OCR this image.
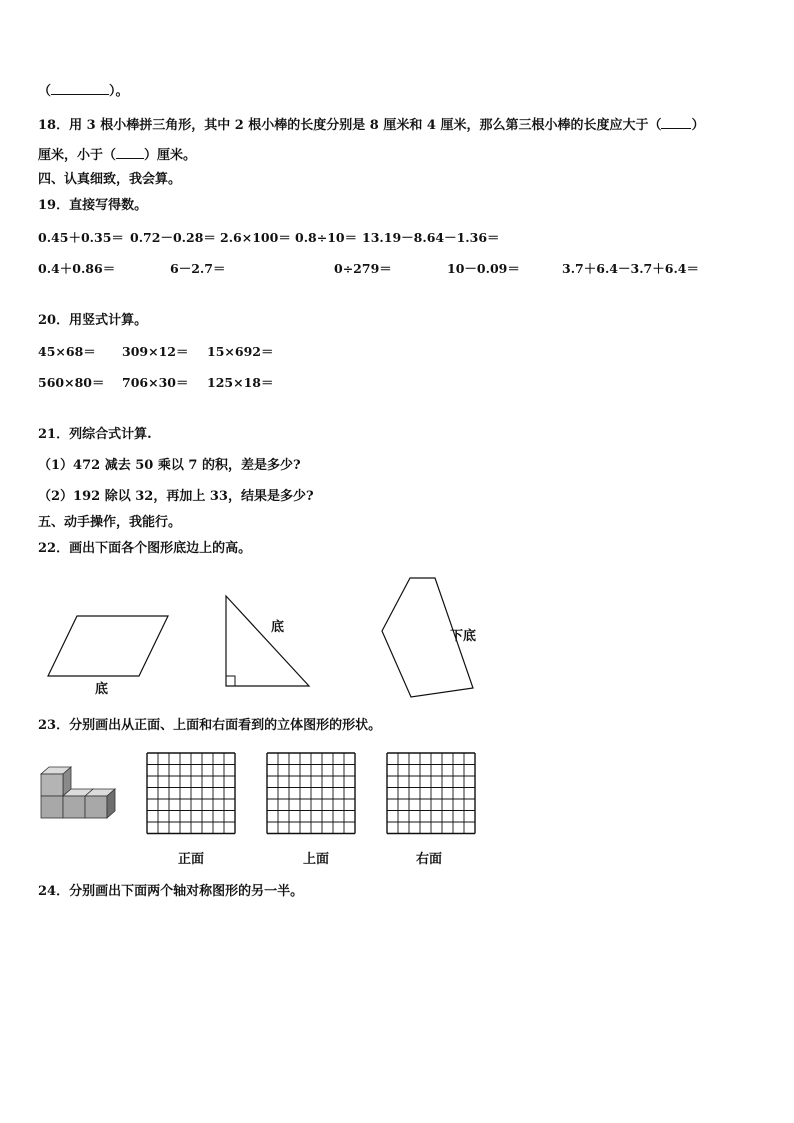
（	）。
18．用 3 根小棒拼三角形，其中 2 根小棒的长度分别是 8 厘米和 4 厘米，那么第三根小棒的长度应大于（ ）
厘米，小于（ ）厘米。
四、认真细致，我会算。
19．直接写得数。
0.45＋0.35＝ 0.72－0.28＝ 2.6×100＝ 0.8÷10＝ 13.19－8.64－1.36＝
0.4＋0.86＝	6－2.7＝	0÷279＝	10－0.09＝	3.7＋6.4－3.7＋6.4＝
20．用竖式计算。
45×68＝ 309×12＝ 15×692＝
560×80＝ 706×30＝ 125×18＝
21．列综合式计算.
（1）472 减去 50 乘以 7 的积，差是多少?
（2）192 除以 32，再加上 33，结果是多少?
五、动手操作，我能行。
22．画出下面各个图形底边上的高。
底
底
下底
23．分别画出从正面、上面和右面看到的立体图形的形状。
正面	上面	右面
24．分别画出下面两个轴对称图形的另一半。
